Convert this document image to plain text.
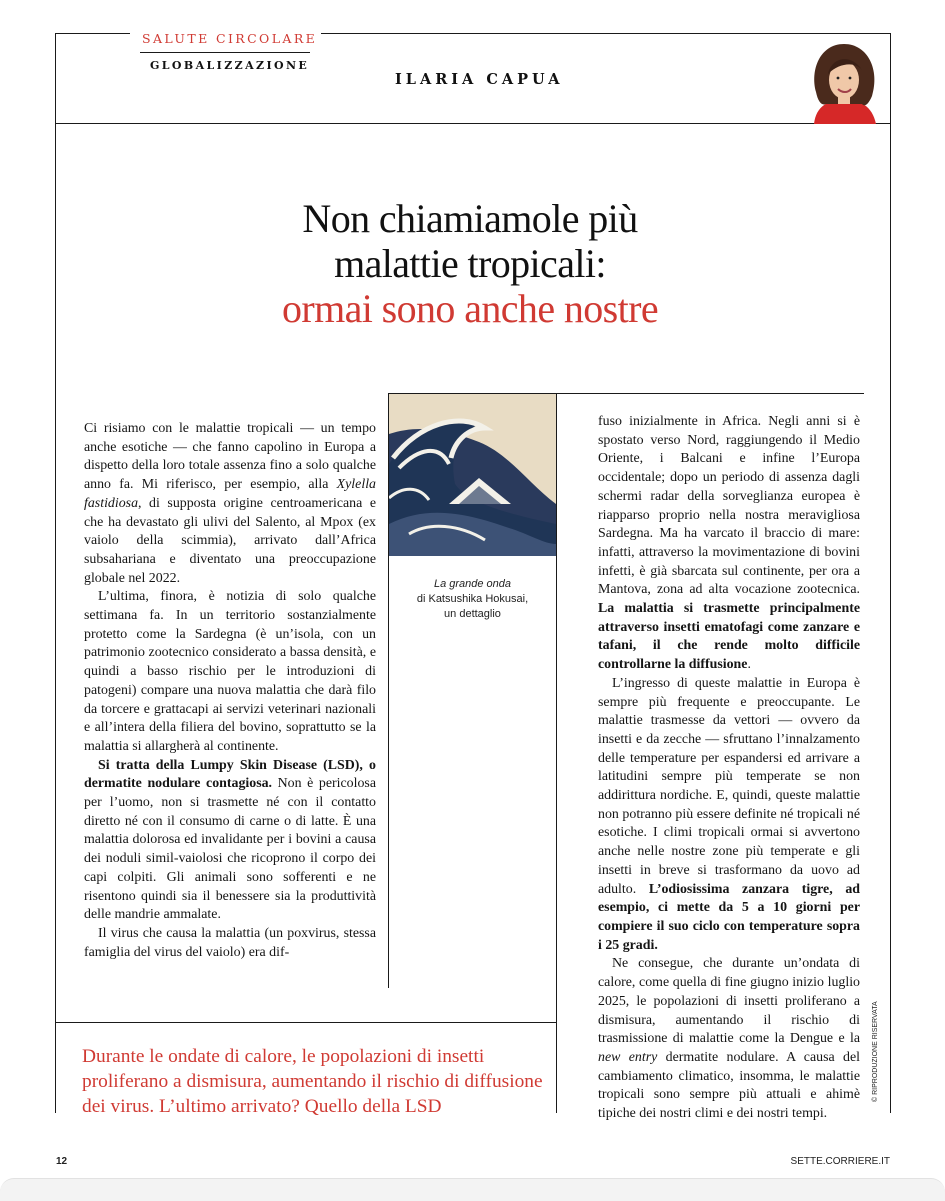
SALUTE CIRCOLARE
GLOBALIZZAZIONE
ILARIA CAPUA
Non chiamiamole più
malattie tropicali:
ormai sono anche nostre
La grande onda
di Katsushika Hokusai,
un dettaglio

Ci risiamo con le malattie tropicali — un tempo anche esotiche — che fanno capolino in Europa a dispetto della loro totale assenza fino a solo qualche anno fa. Mi riferisco, per esempio, alla Xylella fastidiosa, di supposta origine centroamericana e che ha devastato gli ulivi del Salento, al Mpox (ex vaiolo della scimmia), arrivato dall’Africa subsahariana e diventato una preoccupazione globale nel 2022.

L’ultima, finora, è notizia di solo qualche settimana fa. In un territorio sostanzialmente protetto come la Sardegna (è un’isola, con un patrimonio zootecnico considerato a bassa densità, e quindi a basso rischio per le introduzioni di patogeni) compare una nuova malattia che darà filo da torcere e grattacapi ai servizi veterinari nazionali e all’intera della filiera del bovino, soprattutto se la malattia si allargherà al continente.

Si tratta della Lumpy Skin Disease (LSD), o dermatite nodulare contagiosa. Non è pericolosa per l’uomo, non si trasmette né con il contatto diretto né con il consumo di carne o di latte. È una malattia dolorosa ed invalidante per i bovini a causa dei noduli simil-vaiolosi che ricoprono il corpo dei capi colpiti. Gli animali sono sofferenti e ne risentono quindi sia il benessere sia la produttività delle mandrie ammalate.

Il virus che causa la malattia (un poxvirus, stessa famiglia del virus del vaiolo) era dif-

fuso inizialmente in Africa. Negli anni si è spostato verso Nord, raggiungendo il Medio Oriente, i Balcani e infine l’Europa occidentale; dopo un periodo di assenza dagli schermi radar della sorveglianza europea è riapparso proprio nella nostra meravigliosa Sardegna. Ma ha varcato il braccio di mare: infatti, attraverso la movimentazione di bovini infetti, è già sbarcata sul continente, per ora a Mantova, zona ad alta vocazione zootecnica. La malattia si trasmette principalmente attraverso insetti ematofagi come zanzare e tafani, il che rende molto difficile controllarne la diffusione.

L’ingresso di queste malattie in Europa è sempre più frequente e preoccupante. Le malattie trasmesse da vettori — ovvero da insetti e da zecche — sfruttano l’innalzamento delle temperature per espandersi ed arrivare a latitudini sempre più temperate se non addirittura nordiche. E, quindi, queste malattie non potranno più essere definite né tropicali né esotiche. I climi tropicali ormai si avvertono anche nelle nostre zone più temperate e gli insetti in breve si trasformano da uovo ad adulto. L’odiosissima zanzara tigre, ad esempio, ci mette da 5 a 10 giorni per compiere il suo ciclo con temperature sopra i 25 gradi.

Ne consegue, che durante un’ondata di calore, come quella di fine giugno inizio luglio 2025, le popolazioni di insetti proliferano a dismisura, aumentando il rischio di trasmissione di malattie come la Dengue e la new entry dermatite nodulare. A causa del cambiamento climatico, insomma, le malattie tropicali sono sempre più attuali e ahimè tipiche dei nostri climi e dei nostri tempi.

© RIPRODUZIONE RISERVATA
Durante le ondate di calore, le popolazioni di insetti proliferano a dismisura, aumentando il rischio di diffusione dei virus. L’ultimo arrivato? Quello della LSD
12	SETTE.CORRIERE.IT
